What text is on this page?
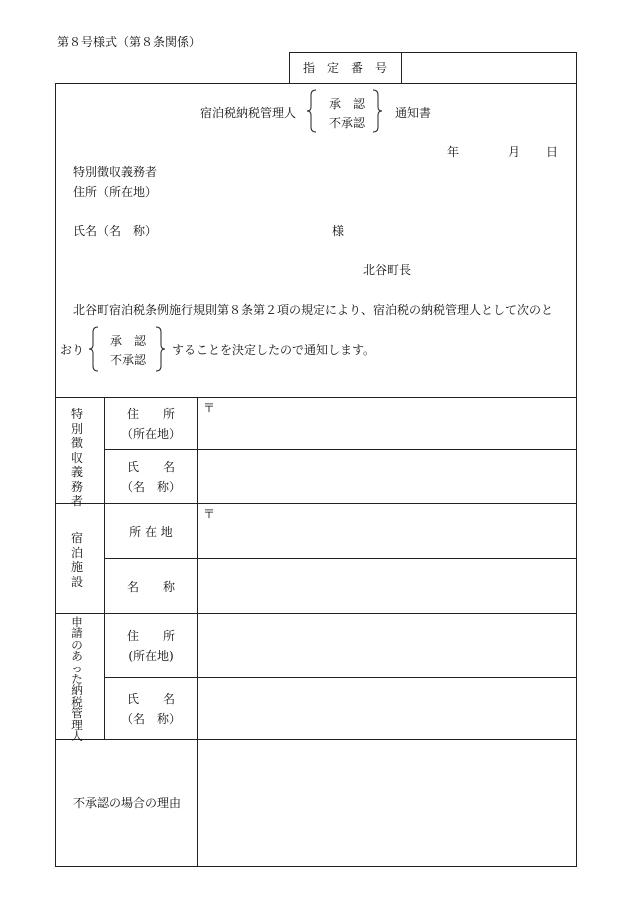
第８号様式（第８条関係）
指　定　番　号
宿泊税納税管理人
承　認
不承認
通知書
年	月 日
特別徴収義務者
住所（所在地）
氏名（名　称）	様
北谷町長
北谷町宿泊税条例施行規則第８条第２項の規定により、宿泊税の納税管理人として次のと
おり
承　認
不承認
することを決定したので通知します。
特別徴収義務者
住　　所
（所在地）
〒
氏　　名
（名　称）
宿泊施設
所 在 地
〒
名　　称
申請のあった納税管理人
住　　所
(所在地)
氏　　名
（名　称）
不承認の場合の理由
